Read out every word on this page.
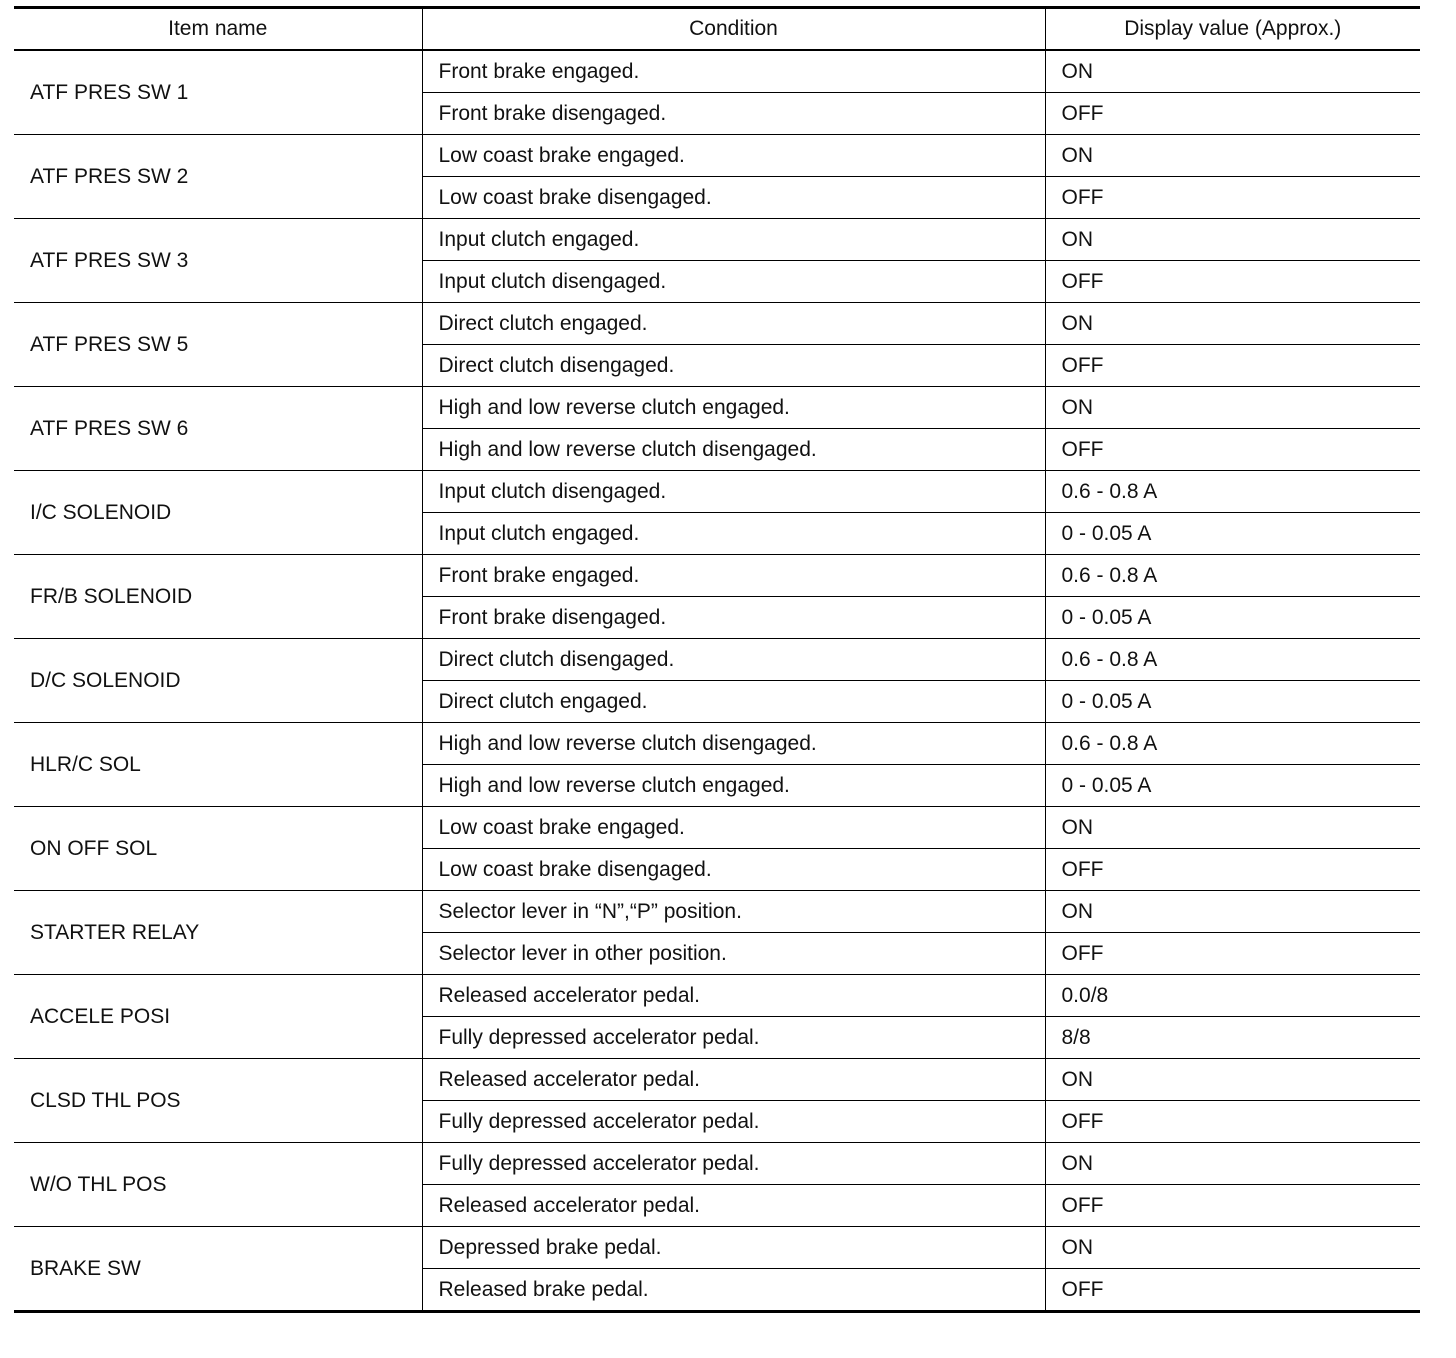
Item name	Condition	Display value (Approx.)
ATF PRES SW 1	Front brake engaged.	ON
	Front brake disengaged.	OFF
ATF PRES SW 2	Low coast brake engaged.	ON
	Low coast brake disengaged.	OFF
ATF PRES SW 3	Input clutch engaged.	ON
	Input clutch disengaged.	OFF
ATF PRES SW 5	Direct clutch engaged.	ON
	Direct clutch disengaged.	OFF
ATF PRES SW 6	High and low reverse clutch engaged.	ON
	High and low reverse clutch disengaged.	OFF
I/C SOLENOID	Input clutch disengaged.	0.6 - 0.8 A
	Input clutch engaged.	0 - 0.05 A
FR/B SOLENOID	Front brake engaged.	0.6 - 0.8 A
	Front brake disengaged.	0 - 0.05 A
D/C SOLENOID	Direct clutch disengaged.	0.6 - 0.8 A
	Direct clutch engaged.	0 - 0.05 A
HLR/C SOL	High and low reverse clutch disengaged.	0.6 - 0.8 A
	High and low reverse clutch engaged.	0 - 0.05 A
ON OFF SOL	Low coast brake engaged.	ON
	Low coast brake disengaged.	OFF
STARTER RELAY	Selector lever in “N”,“P” position.	ON
	Selector lever in other position.	OFF
ACCELE POSI	Released accelerator pedal.	0.0/8
	Fully depressed accelerator pedal.	8/8
CLSD THL POS	Released accelerator pedal.	ON
	Fully depressed accelerator pedal.	OFF
W/O THL POS	Fully depressed accelerator pedal.	ON
	Released accelerator pedal.	OFF
BRAKE SW	Depressed brake pedal.	ON
	Released brake pedal.	OFF
